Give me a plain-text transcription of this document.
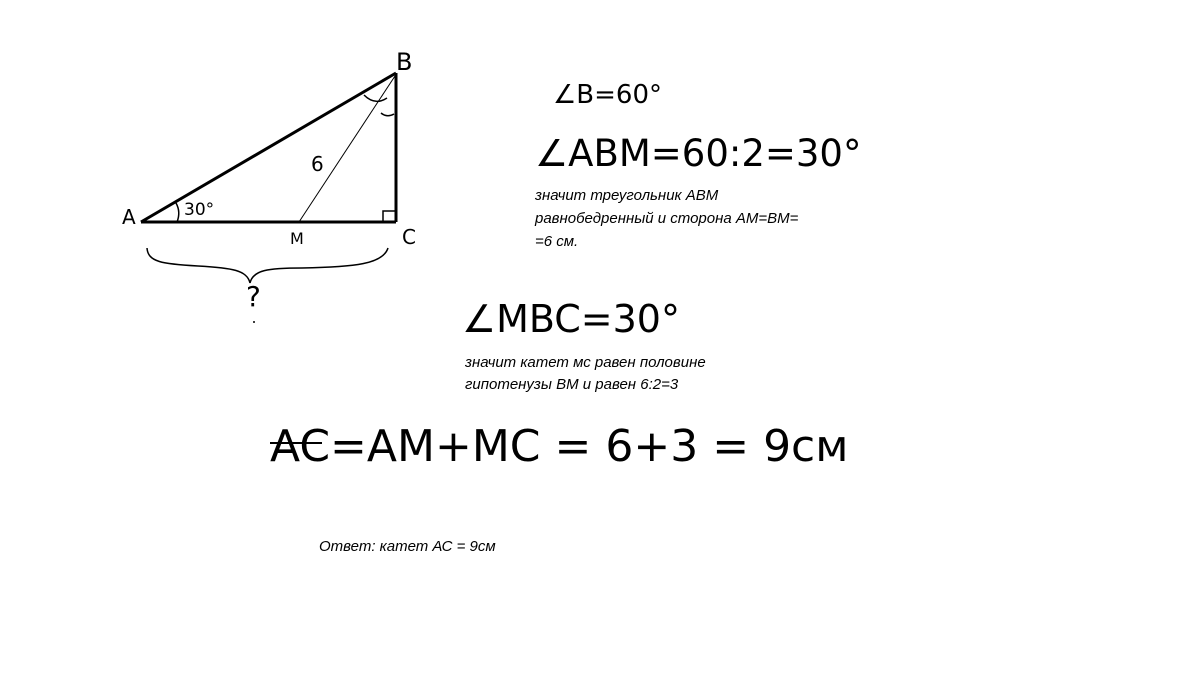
A
B
C
M
30°
6
?
∠B=60°
∠ABM=60:2=30°
∠MBC=30°
AC=AM+MC = 6+3 = 9см

значит треугольник АВМ

равнобедренный и сторона АМ=ВМ=

=6 см.

значит катет мс равен половине

гипотенузы ВМ и равен 6:2=3

Ответ: катет АС = 9см
